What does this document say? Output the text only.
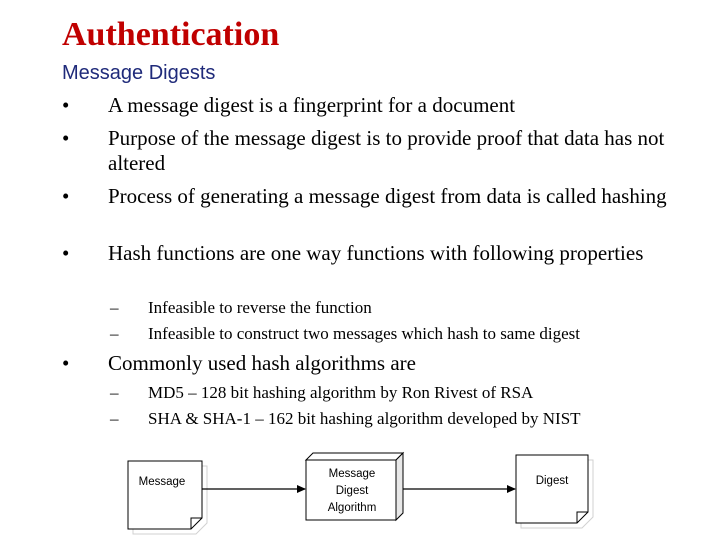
Authentication
Message Digests
•	A message digest is a fingerprint for a document
•	Purpose of the message digest is to provide proof that data has not altered
•	Process of generating a message digest from data is called hashing
•	Hash functions are one way functions with following properties
– Infeasible to reverse the function
– Infeasible to construct two messages which hash to same digest
•	Commonly used hash algorithms are
– MD5 – 128 bit hashing algorithm by Ron Rivest of RSA
– SHA & SHA-1 – 162 bit hashing algorithm developed by NIST
Message
Message
Digest
Algorithm
Digest
